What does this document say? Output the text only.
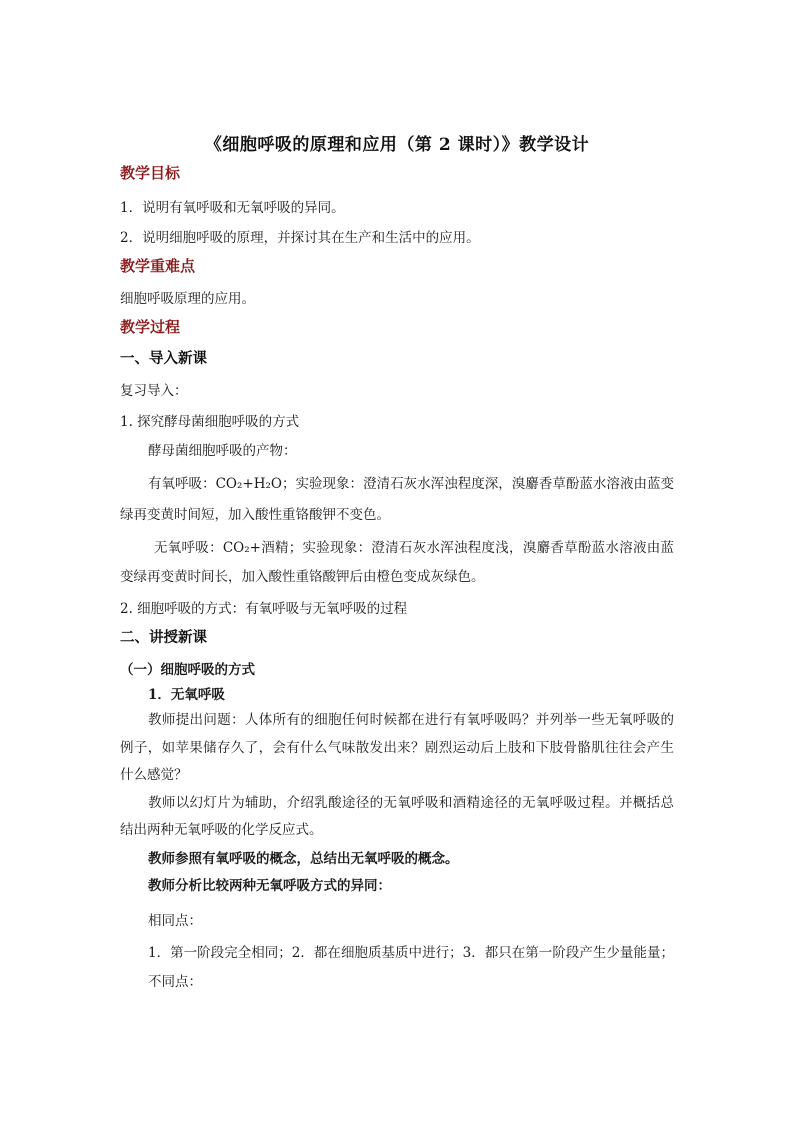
《细胞呼吸的原理和应用（第 2 课时）》教学设计
教学目标
1．说明有氧呼吸和无氧呼吸的异同。
2．说明细胞呼吸的原理，并探讨其在生产和生活中的应用。
教学重难点
细胞呼吸原理的应用。
教学过程
一、导入新课
复习导入：
1. 探究酵母菌细胞呼吸的方式
酵母菌细胞呼吸的产物：
有氧呼吸：CO₂+H₂O；实验现象：澄清石灰水浑浊程度深，溴麝香草酚蓝水溶液由蓝变
绿再变黄时间短，加入酸性重铬酸钾不变色。
无氧呼吸：CO₂+酒精；实验现象：澄清石灰水浑浊程度浅，溴麝香草酚蓝水溶液由蓝
变绿再变黄时间长，加入酸性重铬酸钾后由橙色变成灰绿色。
2. 细胞呼吸的方式：有氧呼吸与无氧呼吸的过程
二、讲授新课
（一）细胞呼吸的方式
1．无氧呼吸
教师提出问题：人体所有的细胞任何时候都在进行有氧呼吸吗？并列举一些无氧呼吸的
例子，如苹果储存久了，会有什么气味散发出来？剧烈运动后上肢和下肢骨骼肌往往会产生
什么感觉？
教师以幻灯片为辅助，介绍乳酸途径的无氧呼吸和酒精途径的无氧呼吸过程。并概括总
结出两种无氧呼吸的化学反应式。
教师参照有氧呼吸的概念，总结出无氧呼吸的概念。
教师分析比较两种无氧呼吸方式的异同：
相同点：
1．第一阶段完全相同；2．都在细胞质基质中进行；3．都只在第一阶段产生少量能量；
不同点：
